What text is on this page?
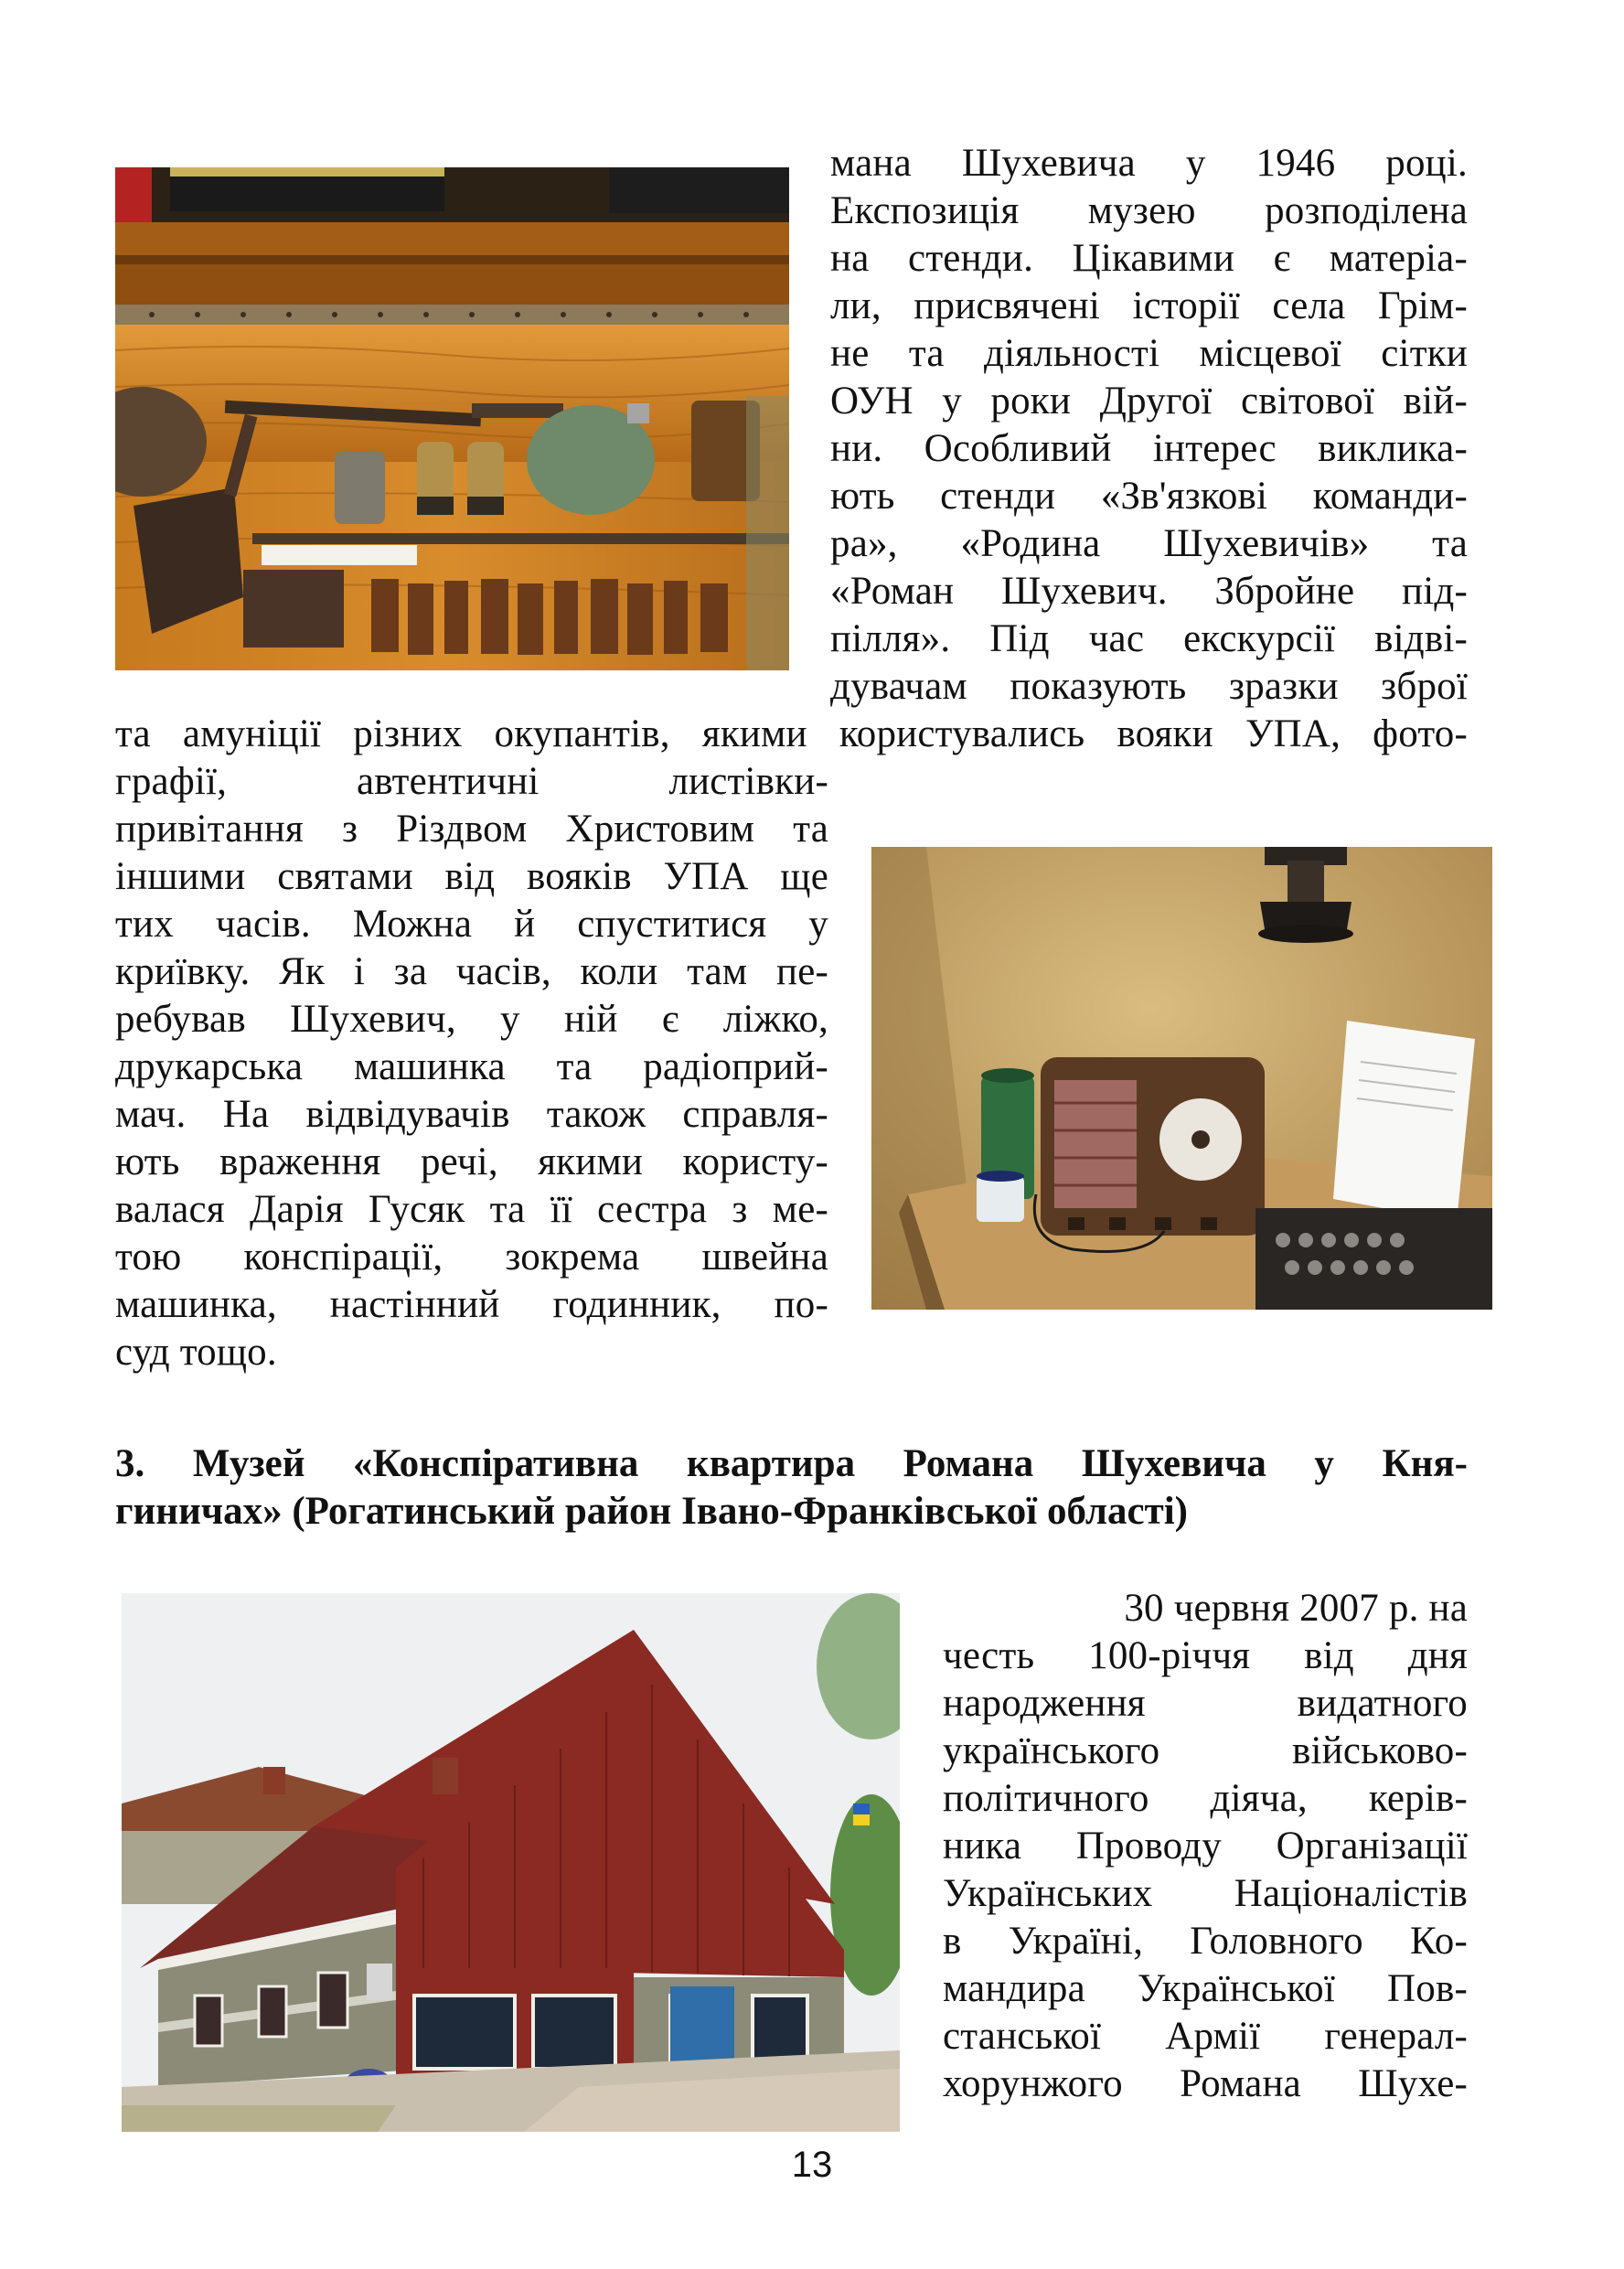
мана Шухевича у 1946 році.
Експозиція музею розподілена
на стенди. Цікавими є матеріа-
ли, присвячені історії села Грім-
не та діяльності місцевої сітки
ОУН у роки Другої світової вій-
ни. Особливий інтерес виклика-
ють стенди «Зв'язкові команди-
ра», «Родина Шухевичів» та
«Роман Шухевич. Збройне під-
пілля». Під час екскурсії відві-
дувачам показують зразки зброї
та амуніції різних окупантів, якими користувались вояки УПА, фото-
графії, автентичні листівки-
привітання з Різдвом Христовим та
іншими святами від вояків УПА ще
тих часів. Можна й спуститися у
криївку. Як і за часів, коли там пе-
ребував Шухевич, у ній є ліжко,
друкарська машинка та радіоприй-
мач. На відвідувачів також справля-
ють враження речі, якими користу-
валася Дарія Гусяк та її сестра з ме-
тою конспірації, зокрема швейна
машинка, настінний годинник, по-
суд тощо.
3. Музей «Конспіративна квартира Романа Шухевича у Кня-
гиничах» (Рогатинський район Івано-Франківської області)
30 червня 2007 р. на
честь 100-річчя від дня
народження видатного
українського військово-
політичного діяча, керів-
ника Проводу Організації
Українських Націоналістів
в Україні, Головного Ко-
мандира Української Пов-
станської Армії генерал-
хорунжого Романа Шухе-
13
